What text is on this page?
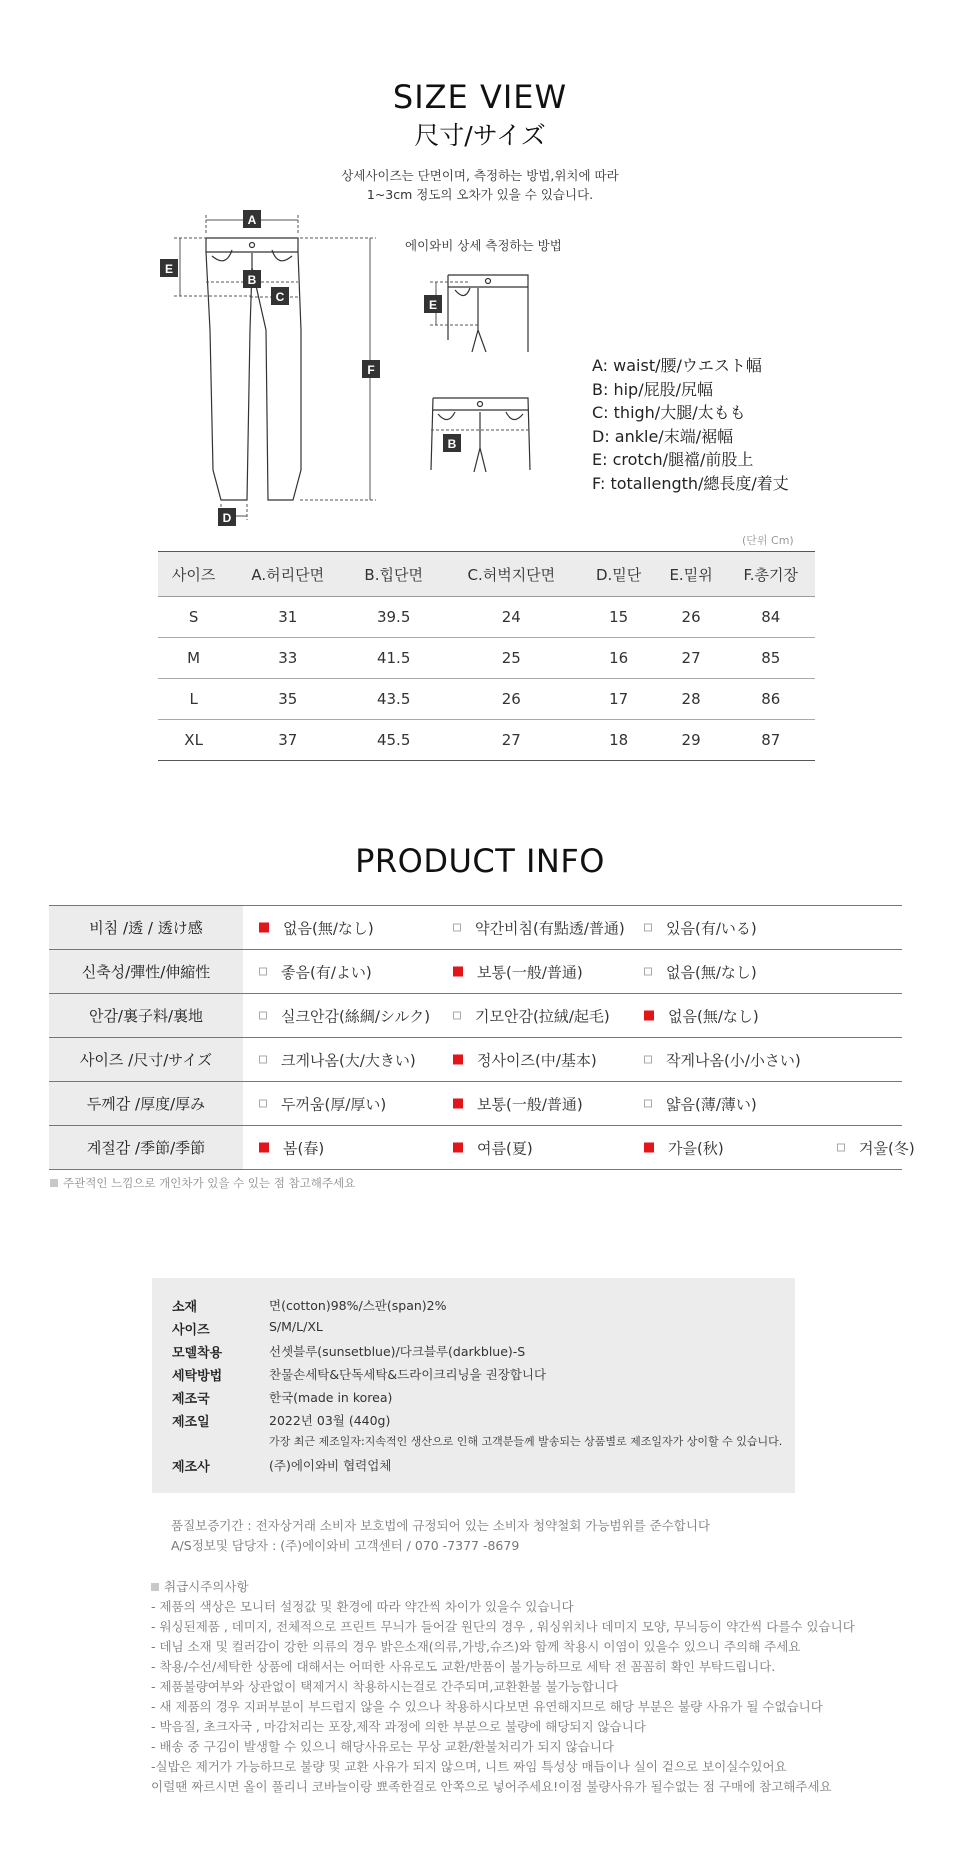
SIZE VIEW
尺寸/サイズ
상세사이즈는 단면이며, 측정하는 방법,위치에 따라
1~3cm 정도의 오차가 있을 수 있습니다.
A
B
C
D
E
F
E
B
에이와비 상세 측정하는 방법
A: waist/腰/ウエスト幅
B: hip/屁股/尻幅
C: thigh/大腿/太もも
D: ankle/末端/裾幅
E: crotch/腿襠/前股上
F: totallength/總長度/着丈
(단위 Cm)
사이즈	A.허리단면	B.힙단면	C.허벅지단면	D.밑단	E.밑위	F.총기장
S	31	39.5	24	15	26	84
M	33	41.5	25	16	27	85
L	35	43.5	26	17	28	86
XL	37	45.5	27	18	29	87
PRODUCT INFO
비침 /透 / 透け感	없음(無/なし) 약간비침(有點透/普通) 있음(有/いる)

신축성/彈性/伸縮性	좋음(有/よい) 보통(一般/普通) 없음(無/なし)

안감/裏子料/裏地	실크안감(絲綢/シルク) 기모안감(拉絨/起毛) 없음(無/なし)

사이즈 /尺寸/サイズ	크게나옴(大/大きい) 정사이즈(中/基本) 작게나옴(小/小さい)

두께감 /厚度/厚み	두꺼움(厚/厚い) 보통(一般/普通) 얇음(薄/薄い)

계절감 /季節/季節	봄(春) 여름(夏) 가을(秋) 겨울(冬)
주관적인 느낌으로 개인차가 있을 수 있는 점 참고해주세요
소재	면(cotton)98%/스판(span)2%
사이즈	S/M/L/XL
모델착용	선셋블루(sunsetblue)/다크블루(darkblue)-S
세탁방법	찬물손세탁&단독세탁&드라이크리닝을 권장합니다
제조국	한국(made in korea)
제조일	2022년 03월 (440g)
가장 최근 제조일자:지속적인 생산으로 인해 고객분들께 발송되는 상품별로 제조일자가 상이할 수 있습니다.
제조사	(주)에이와비 협력업체
품질보증기간 : 전자상거래 소비자 보호법에 규정되어 있는 소비자 청약철회 가능범위를 준수합니다
A/S정보및 담당자 : (주)에이와비 고객센터 / 070 -7377 -8679
취급시주의사항
- 제품의 색상은 모니터 설정값 및 환경에 따라 약간씩 차이가 있을수 있습니다
- 워싱된제품 , 데미지, 전체적으로 프린트 무늬가 들어갈 원단의 경우 , 워싱위치나 데미지 모양, 무늬등이 약간씩 다를수 있습니다
- 데님 소재 및 컬러감이 강한 의류의 경우 밝은소재(의류,가방,슈즈)와 함께 착용시 이염이 있을수 있으니 주의해 주세요
- 착용/수선/세탁한 상품에 대해서는 어떠한 사유로도 교환/반품이 불가능하므로 세탁 전 꼼꼼히 확인 부탁드립니다.
- 제품불량여부와 상관없이 택제거시 착용하시는걸로 간주되며,교환환불 불가능합니다
- 새 제품의 경우 지퍼부분이 부드럽지 않을 수 있으나 착용하시다보면 유연해지므로 해당 부분은 불량 사유가 될 수없습니다
- 박음질, 초크자국 , 마감처리는 포장,제작 과정에 의한 부분으로 불량에 해당되지 않습니다
- 배송 중 구김이 발생할 수 있으니 해당사유로는 무상 교환/환불처리가 되지 않습니다
-실밥은 제거가 가능하므로 불량 및 교환 사유가 되지 않으며, 니트 짜임 특성상 매듭이나 실이 겉으로 보이실수있어요
이럴땐 짜르시면 올이 풀리니 코바늘이랑 뾰족한걸로 안쪽으로 넣어주세요!이점 불량사유가 될수없는 점 구매에 참고해주세요
